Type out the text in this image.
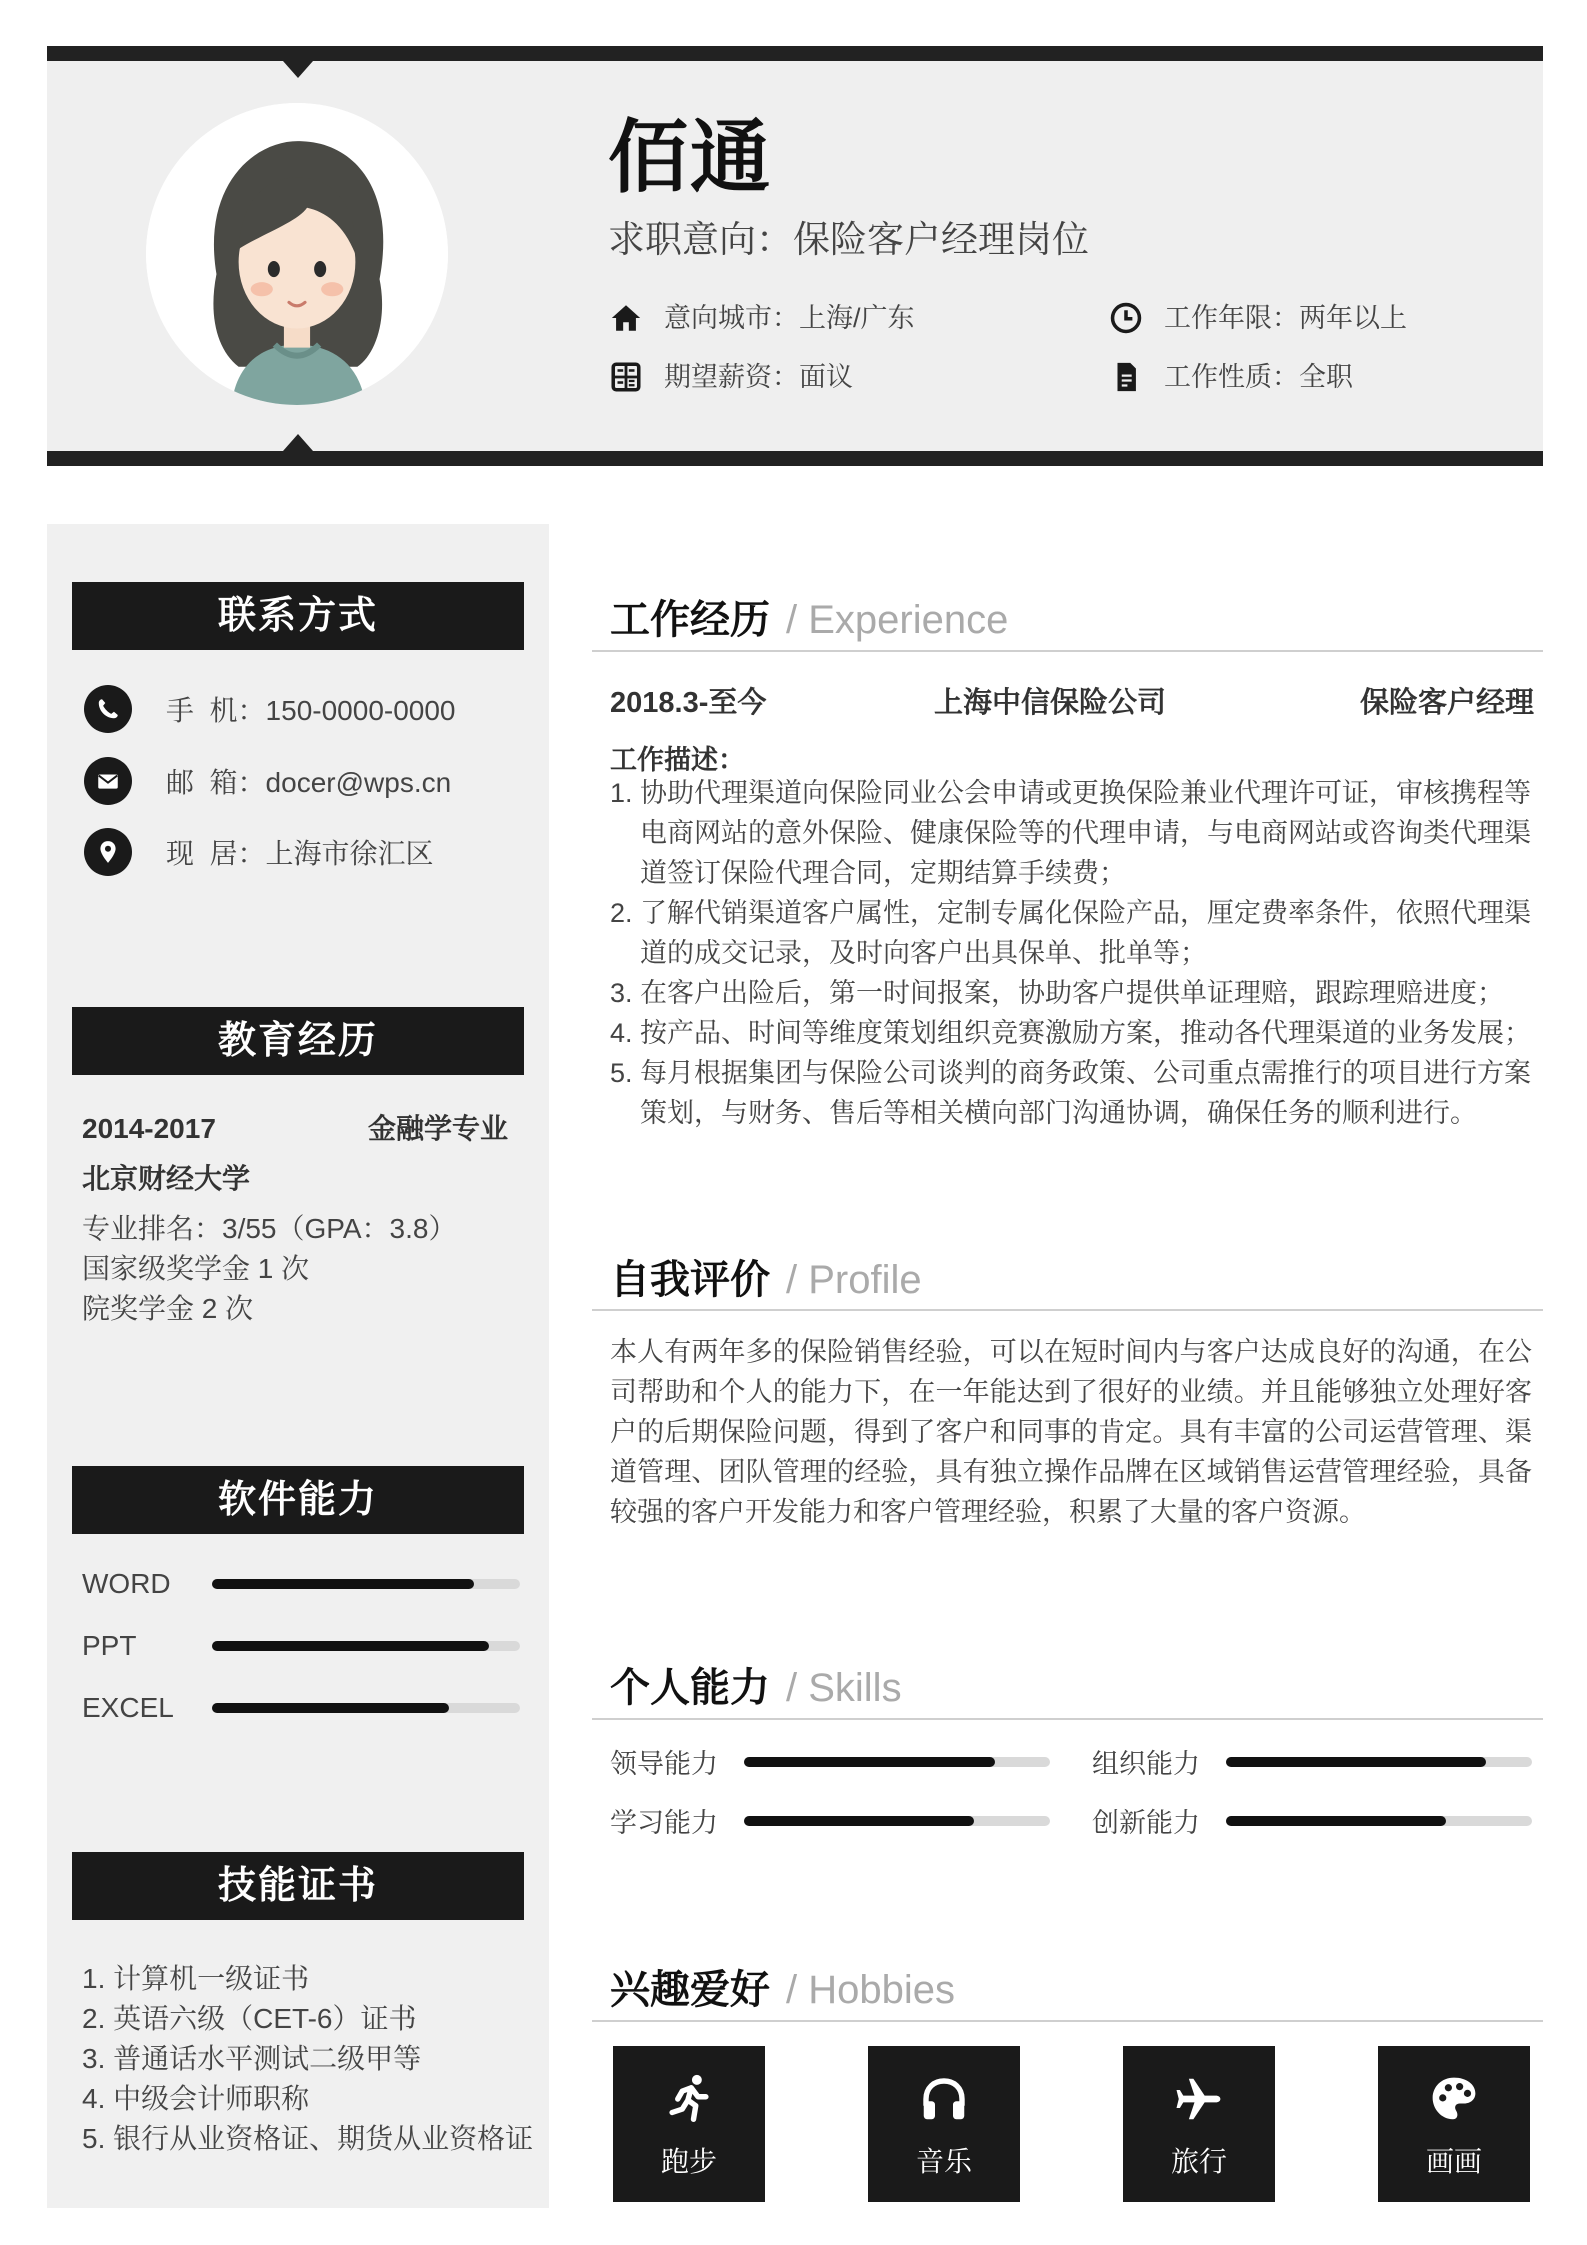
佰通
求职意向：保险客户经理岗位
意向城市：上海/广东	工作年限：两年以上
期望薪资：面议	工作性质：全职
联系方式
手  机：150-0000-0000
邮  箱：docer@wps.cn
现  居：上海市徐汇区
教育经历
2014-2017	金融学专业
北京财经大学
专业排名：3/55（GPA：3.8）
国家级奖学金 1 次
院奖学金 2 次
软件能力
WORD
PPT
EXCEL
技能证书
1. 计算机一级证书
2. 英语六级（CET-6）证书
3. 普通话水平测试二级甲等
4. 中级会计师职称
5. 银行从业资格证、期货从业资格证
工作经历 / Experience
2018.3-至今	上海中信保险公司	保险客户经理
工作描述：
1. 协助代理渠道向保险同业公会申请或更换保险兼业代理许可证，审核携程等电商网站的意外保险、健康保险等的代理申请，与电商网站或咨询类代理渠道签订保险代理合同，定期结算手续费；
2. 了解代销渠道客户属性，定制专属化保险产品，厘定费率条件，依照代理渠道的成交记录，及时向客户出具保单、批单等；
3. 在客户出险后，第一时间报案，协助客户提供单证理赔，跟踪理赔进度；
4. 按产品、时间等维度策划组织竞赛激励方案，推动各代理渠道的业务发展；
5. 每月根据集团与保险公司谈判的商务政策、公司重点需推行的项目进行方案策划，与财务、售后等相关横向部门沟通协调，确保任务的顺利进行。
自我评价 / Profile
本人有两年多的保险销售经验，可以在短时间内与客户达成良好的沟通，在公司帮助和个人的能力下，在一年能达到了很好的业绩。并且能够独立处理好客户的后期保险问题，得到了客户和同事的肯定。具有丰富的公司运营管理、渠道管理、团队管理的经验，具有独立操作品牌在区域销售运营管理经验，具备较强的客户开发能力和客户管理经验，积累了大量的客户资源。
个人能力 / Skills
领导能力	组织能力
学习能力	创新能力
兴趣爱好 / Hobbies
跑步	音乐	旅行	画画
